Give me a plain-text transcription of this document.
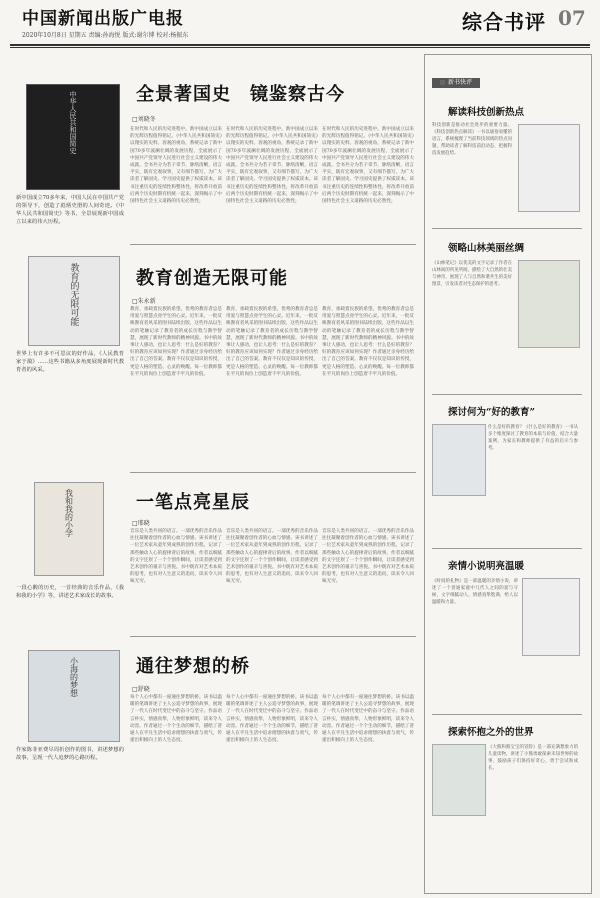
中国新闻出版广电报
2020年10月8日 星期五 责编:孙海悦 版式:谢尔博 校对:杨振东
综合书评 07
中华人民共和国简史
新中国成立70多年来，中国人民在中国共产党的领导下，创造了彪炳史册的人间奇迹。《中华人民共和国简史》等书，全景展现新中国成立以来的伟大历程。
教育的无限可能
世界上有许多不可思议的好作品，《人民教育家于漪》……这些书籍从多角度展现新时代教育者的风采。
我和我的小学
一段心酸的历史，一首经典的音乐作品，《我和我的小学》等，讲述艺术家成长的故事。
小海的梦想
作家陈菲亚费尽周折创作的图书，讲述梦想的故事，呈现一代人追梦的心路历程。
全景著国史　镜鉴察古今
□刘晓冬
在时代和人民的历史进程中，新中国成立以来的光辉历程值得铭记。《中华人民共和国简史》以翔实的史料、客观的视角，系统记录了新中国70多年波澜壮阔的发展历程，全面展示了中国共产党领导人民进行社会主义建设的伟大成就。全书共分为若干章节，脉络清晰，语言平实，既有宏观叙事，又有细节描写，为广大读者了解国史、学习国史提供了权威读本。该书注重历史的连续性和整体性，将改革开放前后两个历史时期有机统一起来，深刻揭示了中国特色社会主义道路的历史必然性。
在时代和人民的历史进程中，新中国成立以来的光辉历程值得铭记。《中华人民共和国简史》以翔实的史料、客观的视角，系统记录了新中国70多年波澜壮阔的发展历程，全面展示了中国共产党领导人民进行社会主义建设的伟大成就。全书共分为若干章节，脉络清晰，语言平实，既有宏观叙事，又有细节描写，为广大读者了解国史、学习国史提供了权威读本。该书注重历史的连续性和整体性，将改革开放前后两个历史时期有机统一起来，深刻揭示了中国特色社会主义道路的历史必然性。
在时代和人民的历史进程中，新中国成立以来的光辉历程值得铭记。《中华人民共和国简史》以翔实的史料、客观的视角，系统记录了新中国70多年波澜壮阔的发展历程，全面展示了中国共产党领导人民进行社会主义建设的伟大成就。全书共分为若干章节，脉络清晰，语言平实，既有宏观叙事，又有细节描写，为广大读者了解国史、学习国史提供了权威读本。该书注重历史的连续性和整体性，将改革开放前后两个历史时期有机统一起来，深刻揭示了中国特色社会主义道路的历史必然性。
教育创造无限可能
□朱永新
教育，承载着民族的希望。优秀的教育者总是用爱与智慧点亮学生的心灵。近年来，一批反映教育者风采的图书陆续出版，这些作品以生动的笔触记录了教育者的成长历程与教学智慧，展现了新时代教师的精神风貌。书中的故事让人感动，也让人思考：什么是好的教育？好的教育应该如何实现？作者通过亲身经历给出了自己的答案。教育不仅仅是知识的传授，更是人格的塑造、心灵的唤醒。每一位教师都在平凡的岗位上创造着不平凡的价值。
教育，承载着民族的希望。优秀的教育者总是用爱与智慧点亮学生的心灵。近年来，一批反映教育者风采的图书陆续出版，这些作品以生动的笔触记录了教育者的成长历程与教学智慧，展现了新时代教师的精神风貌。书中的故事让人感动，也让人思考：什么是好的教育？好的教育应该如何实现？作者通过亲身经历给出了自己的答案。教育不仅仅是知识的传授，更是人格的塑造、心灵的唤醒。每一位教师都在平凡的岗位上创造着不平凡的价值。
教育，承载着民族的希望。优秀的教育者总是用爱与智慧点亮学生的心灵。近年来，一批反映教育者风采的图书陆续出版，这些作品以生动的笔触记录了教育者的成长历程与教学智慧，展现了新时代教师的精神风貌。书中的故事让人感动，也让人思考：什么是好的教育？好的教育应该如何实现？作者通过亲身经历给出了自己的答案。教育不仅仅是知识的传授，更是人格的塑造、心灵的唤醒。每一位教师都在平凡的岗位上创造着不平凡的价值。
一笔点亮星辰
□邢晓
音乐是人类共同的语言。一部优秀的音乐作品往往凝聚着创作者的心血与情感。该书讲述了一位艺术家从童年到成熟的创作历程，记录了那些触动人心的旋律背后的故事。作者以细腻的文字还原了一个个创作瞬间，让读者感受到艺术创作的艰辛与喜悦。书中既有对艺术本质的思考，也有对人生意义的追问，读来令人回味无穷。
音乐是人类共同的语言。一部优秀的音乐作品往往凝聚着创作者的心血与情感。该书讲述了一位艺术家从童年到成熟的创作历程，记录了那些触动人心的旋律背后的故事。作者以细腻的文字还原了一个个创作瞬间，让读者感受到艺术创作的艰辛与喜悦。书中既有对艺术本质的思考，也有对人生意义的追问，读来令人回味无穷。
音乐是人类共同的语言。一部优秀的音乐作品往往凝聚着创作者的心血与情感。该书讲述了一位艺术家从童年到成熟的创作历程，记录了那些触动人心的旋律背后的故事。作者以细腻的文字还原了一个个创作瞬间，让读者感受到艺术创作的艰辛与喜悦。书中既有对艺术本质的思考，也有对人生意义的追问，读来令人回味无穷。
通往梦想的桥
□舒晓
每个人心中都有一座通往梦想的桥。该书以温暖的笔调讲述了主人公追寻梦想的故事，展现了一代人在时代变迁中的奋斗与坚守。作品语言朴实，情感真挚，人物形象鲜明，读来令人动容。作者通过一个个生动的细节，描绘了普通人在平凡生活中追求理想的执着与勇气，传递出积极向上的人生态度。
每个人心中都有一座通往梦想的桥。该书以温暖的笔调讲述了主人公追寻梦想的故事，展现了一代人在时代变迁中的奋斗与坚守。作品语言朴实，情感真挚，人物形象鲜明，读来令人动容。作者通过一个个生动的细节，描绘了普通人在平凡生活中追求理想的执着与勇气，传递出积极向上的人生态度。
每个人心中都有一座通往梦想的桥。该书以温暖的笔调讲述了主人公追寻梦想的故事，展现了一代人在时代变迁中的奋斗与坚守。作品语言朴实，情感真挚，人物形象鲜明，读来令人动容。作者通过一个个生动的细节，描绘了普通人在平凡生活中追求理想的执着与勇气，传递出积极向上的人生态度。
新书快评
解读科技创新热点
科技创新是推动社会进步的重要力量。《科技创新热点解读》一书以通俗易懂的语言，系统梳理了当前科技领域的热点问题，帮助读者了解科技前沿动态，把握科技发展趋势。
领略山林美丽丝绸
《山林笔记》以优美的文字记录了作者在山林间的所见所闻，描绘了大自然的壮美与神奇，展现了人与自然和谐共生的美好图景，引发读者对生态保护的思考。
探讨何为“好的教育”
什么是好的教育？《什么是好的教育》一书从多个维度探讨了教育的本质与价值，结合大量案例，为家长和教师提供了有益的启示与参考。
亲情小说明亮温暖
《时间的礼物》是一部温暖的亲情小说，讲述了一个普通家庭中几代人之间的爱与守候，文字细腻动人，情感真挚饱满，给人以温暖和力量。
探索怀抱之外的世界
《大熊和熊宝宝的冒险》是一部充满想象力的儿童读物，讲述了小熊勇敢探索未知世界的故事，鼓励孩子们保持好奇心，勇于尝试和成长。
